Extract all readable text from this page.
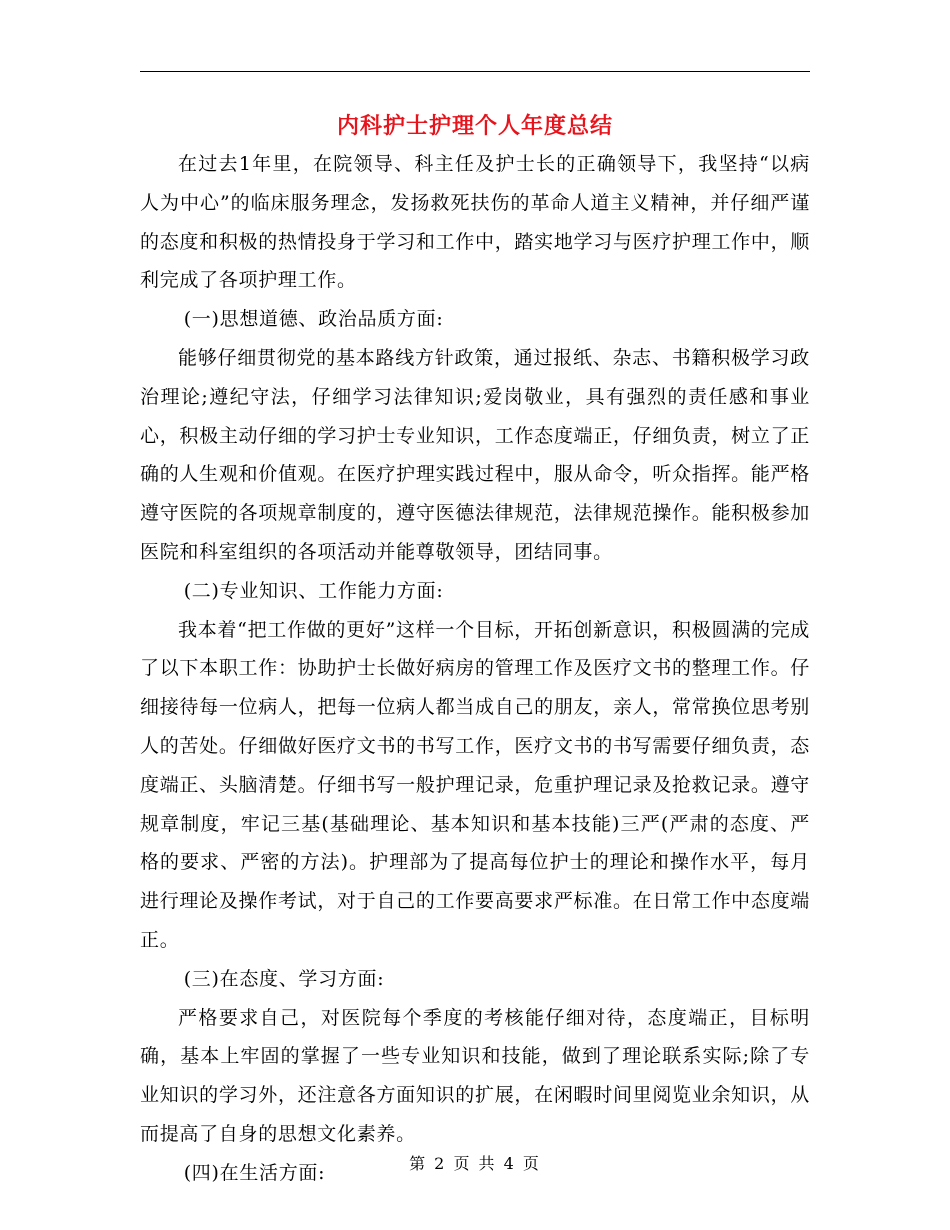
内科护士护理个人年度总结

在过去1年里，在院领导、科主任及护士长的正确领导下，我坚持“以病人为中心”的临床服务理念，发扬救死扶伤的革命人道主义精神，并仔细严谨的态度和积极的热情投身于学习和工作中，踏实地学习与医疗护理工作中，顺利完成了各项护理工作。

(一)思想道德、政治品质方面:

能够仔细贯彻党的基本路线方针政策，通过报纸、杂志、书籍积极学习政治理论;遵纪守法，仔细学习法律知识;爱岗敬业，具有强烈的责任感和事业心，积极主动仔细的学习护士专业知识，工作态度端正，仔细负责，树立了正确的人生观和价值观。在医疗护理实践过程中，服从命令，听众指挥。能严格遵守医院的各项规章制度的，遵守医德法律规范，法律规范操作。能积极参加医院和科室组织的各项活动并能尊敬领导，团结同事。

(二)专业知识、工作能力方面:

我本着“把工作做的更好”这样一个目标，开拓创新意识，积极圆满的完成了以下本职工作：协助护士长做好病房的管理工作及医疗文书的整理工作。仔细接待每一位病人，把每一位病人都当成自己的朋友，亲人，常常换位思考别人的苦处。仔细做好医疗文书的书写工作，医疗文书的书写需要仔细负责，态度端正、头脑清楚。仔细书写一般护理记录，危重护理记录及抢救记录。遵守规章制度，牢记三基(基础理论、基本知识和基本技能)三严(严肃的态度、严格的要求、严密的方法)。护理部为了提高每位护士的理论和操作水平，每月进行理论及操作考试，对于自己的工作要高要求严标准。在日常工作中态度端正。

(三)在态度、学习方面:

严格要求自己，对医院每个季度的考核能仔细对待，态度端正，目标明确，基本上牢固的掌握了一些专业知识和技能，做到了理论联系实际;除了专业知识的学习外，还注意各方面知识的扩展，在闲暇时间里阅览业余知识，从而提高了自身的思想文化素养。

(四)在生活方面:	第 2 页 共 4 页
